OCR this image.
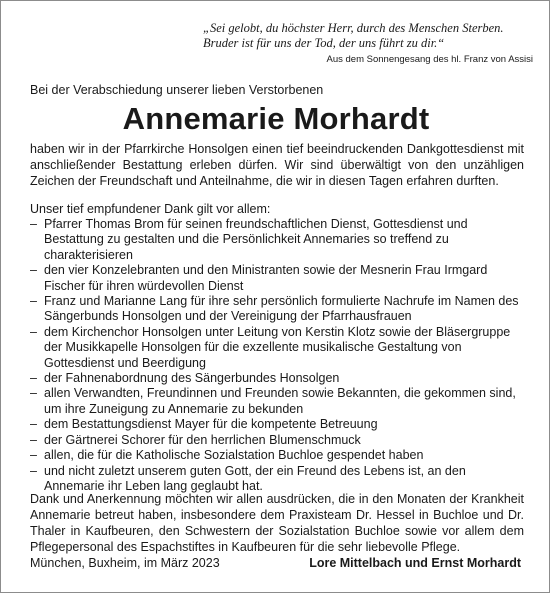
„Sei gelobt, du höchster Herr, durch des Menschen Sterben.
Bruder ist für uns der Tod, der uns führt zu dir.“
Aus dem Sonnengesang des hl. Franz von Assisi
Bei der Verabschiedung unserer lieben Verstorbenen
Annemarie Morhardt
haben wir in der Pfarrkirche Honsolgen einen tief beeindruckenden Dankgottesdienst mit anschließender Bestattung erleben dürfen. Wir sind überwältigt von den unzähligen Zeichen der Freundschaft und Anteilnahme, die wir in diesen Tagen erfahren durften.
Unser tief empfundener Dank gilt vor allem:
– Pfarrer Thomas Brom für seinen freundschaftlichen Dienst, Gottesdienst und Bestattung zu gestalten und die Persönlichkeit Annemaries so treffend zu charakterisieren
– den vier Konzelebranten und den Ministranten sowie der Mesnerin Frau Irmgard Fischer für ihren würdevollen Dienst
– Franz und Marianne Lang für ihre sehr persönlich formulierte Nachrufe im Namen des Sängerbunds Honsolgen und der Vereinigung der Pfarrhausfrauen
– dem Kirchenchor Honsolgen unter Leitung von Kerstin Klotz sowie der Bläsergruppe der Musikkapelle Honsolgen für die exzellente musikalische Gestaltung von Gottesdienst und Beerdigung
– der Fahnenabordnung des Sängerbundes Honsolgen
– allen Verwandten, Freundinnen und Freunden sowie Bekannten, die gekommen sind, um ihre Zuneigung zu Annemarie zu bekunden
– dem Bestattungsdienst Mayer für die kompetente Betreuung
– der Gärtnerei Schorer für den herrlichen Blumenschmuck
– allen, die für die Katholische Sozialstation Buchloe gespendet haben
– und nicht zuletzt unserem guten Gott, der ein Freund des Lebens ist, an den Annemarie ihr Leben lang geglaubt hat.
Dank und Anerkennung möchten wir allen ausdrücken, die in den Monaten der Krankheit Annemarie betreut haben, insbesondere dem Praxisteam Dr. Hessel in Buchloe und Dr. Thaler in Kaufbeuren, den Schwestern der Sozialstation Buchloe sowie vor allem dem Pflegepersonal des Espachstiftes in Kaufbeuren für die sehr liebevolle Pflege.
München, Buxheim, im März 2023	Lore Mittelbach und Ernst Morhardt
